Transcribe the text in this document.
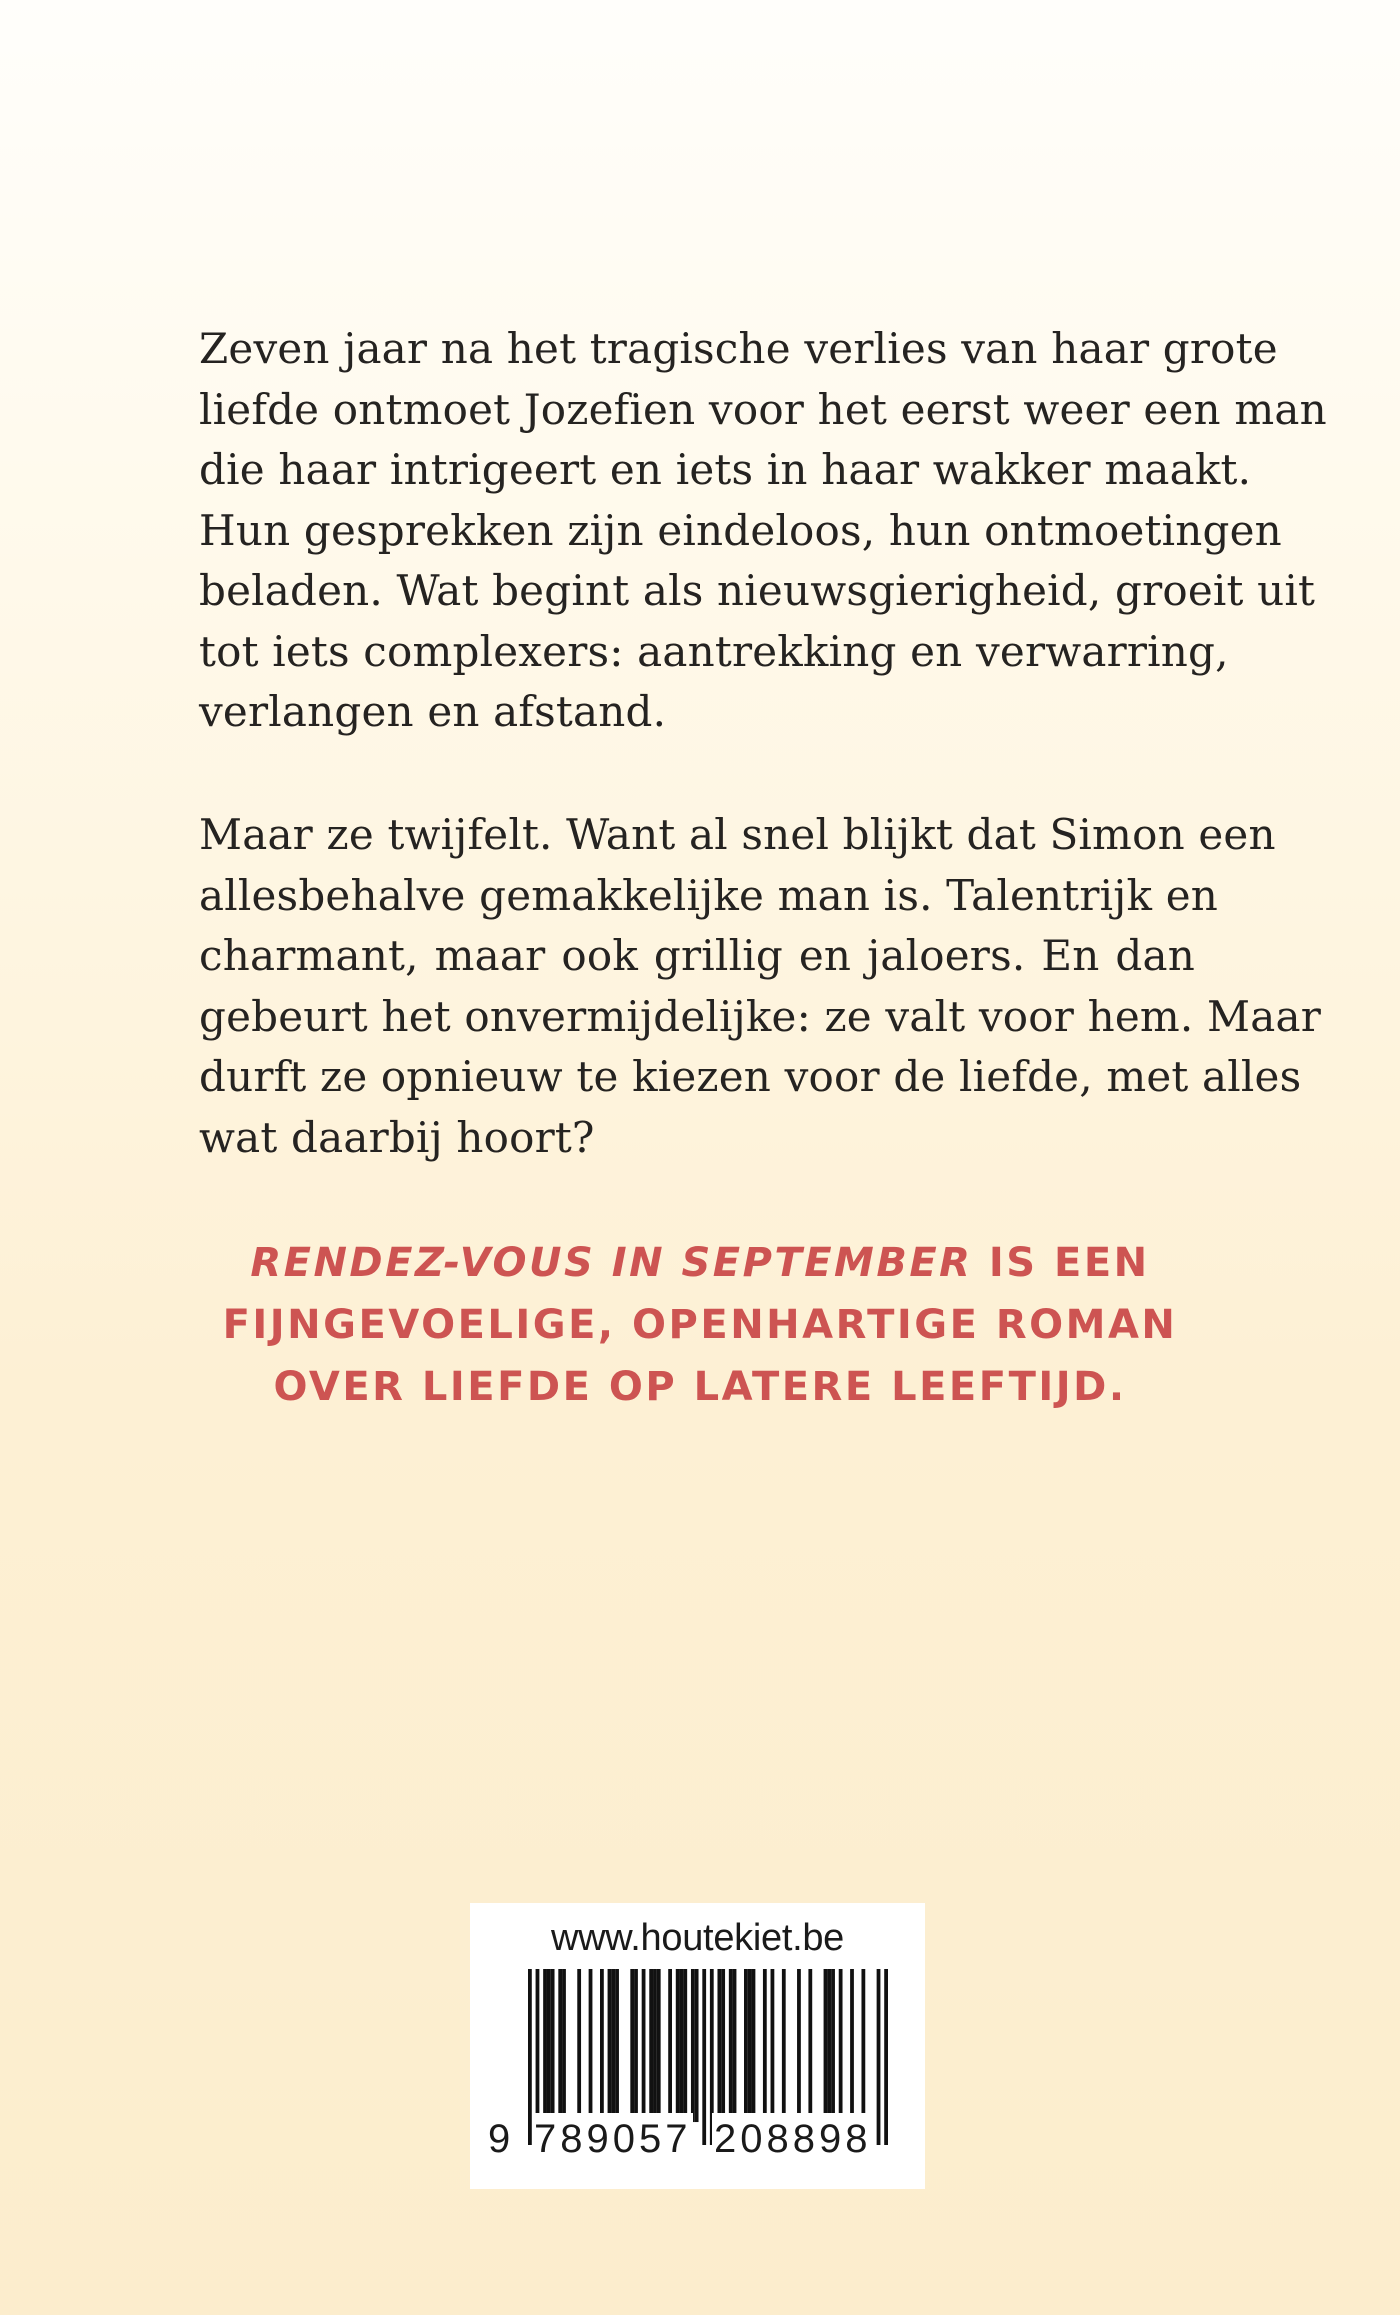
Zeven jaar na het tragische verlies van haar grote
liefde ontmoet Jozefien voor het eerst weer een man
die haar intrigeert en iets in haar wakker maakt.
Hun gesprekken zijn eindeloos, hun ontmoetingen
beladen. Wat begint als nieuwsgierigheid, groeit uit
tot iets complexers: aantrekking en verwarring,
verlangen en afstand.

Maar ze twijfelt. Want al snel blijkt dat Simon een
allesbehalve gemakkelijke man is. Talentrijk en
charmant, maar ook grillig en jaloers. En dan
gebeurt het onvermijdelijke: ze valt voor hem. Maar
durft ze opnieuw te kiezen voor de liefde, met alles
wat daarbij hoort?

RENDEZ-VOUS IN SEPTEMBER IS EEN
FIJNGEVOELIGE, OPENHARTIGE ROMAN
OVER LIEFDE OP LATERE LEEFTIJD.

www.houtekiet.be
9 789057 208898
